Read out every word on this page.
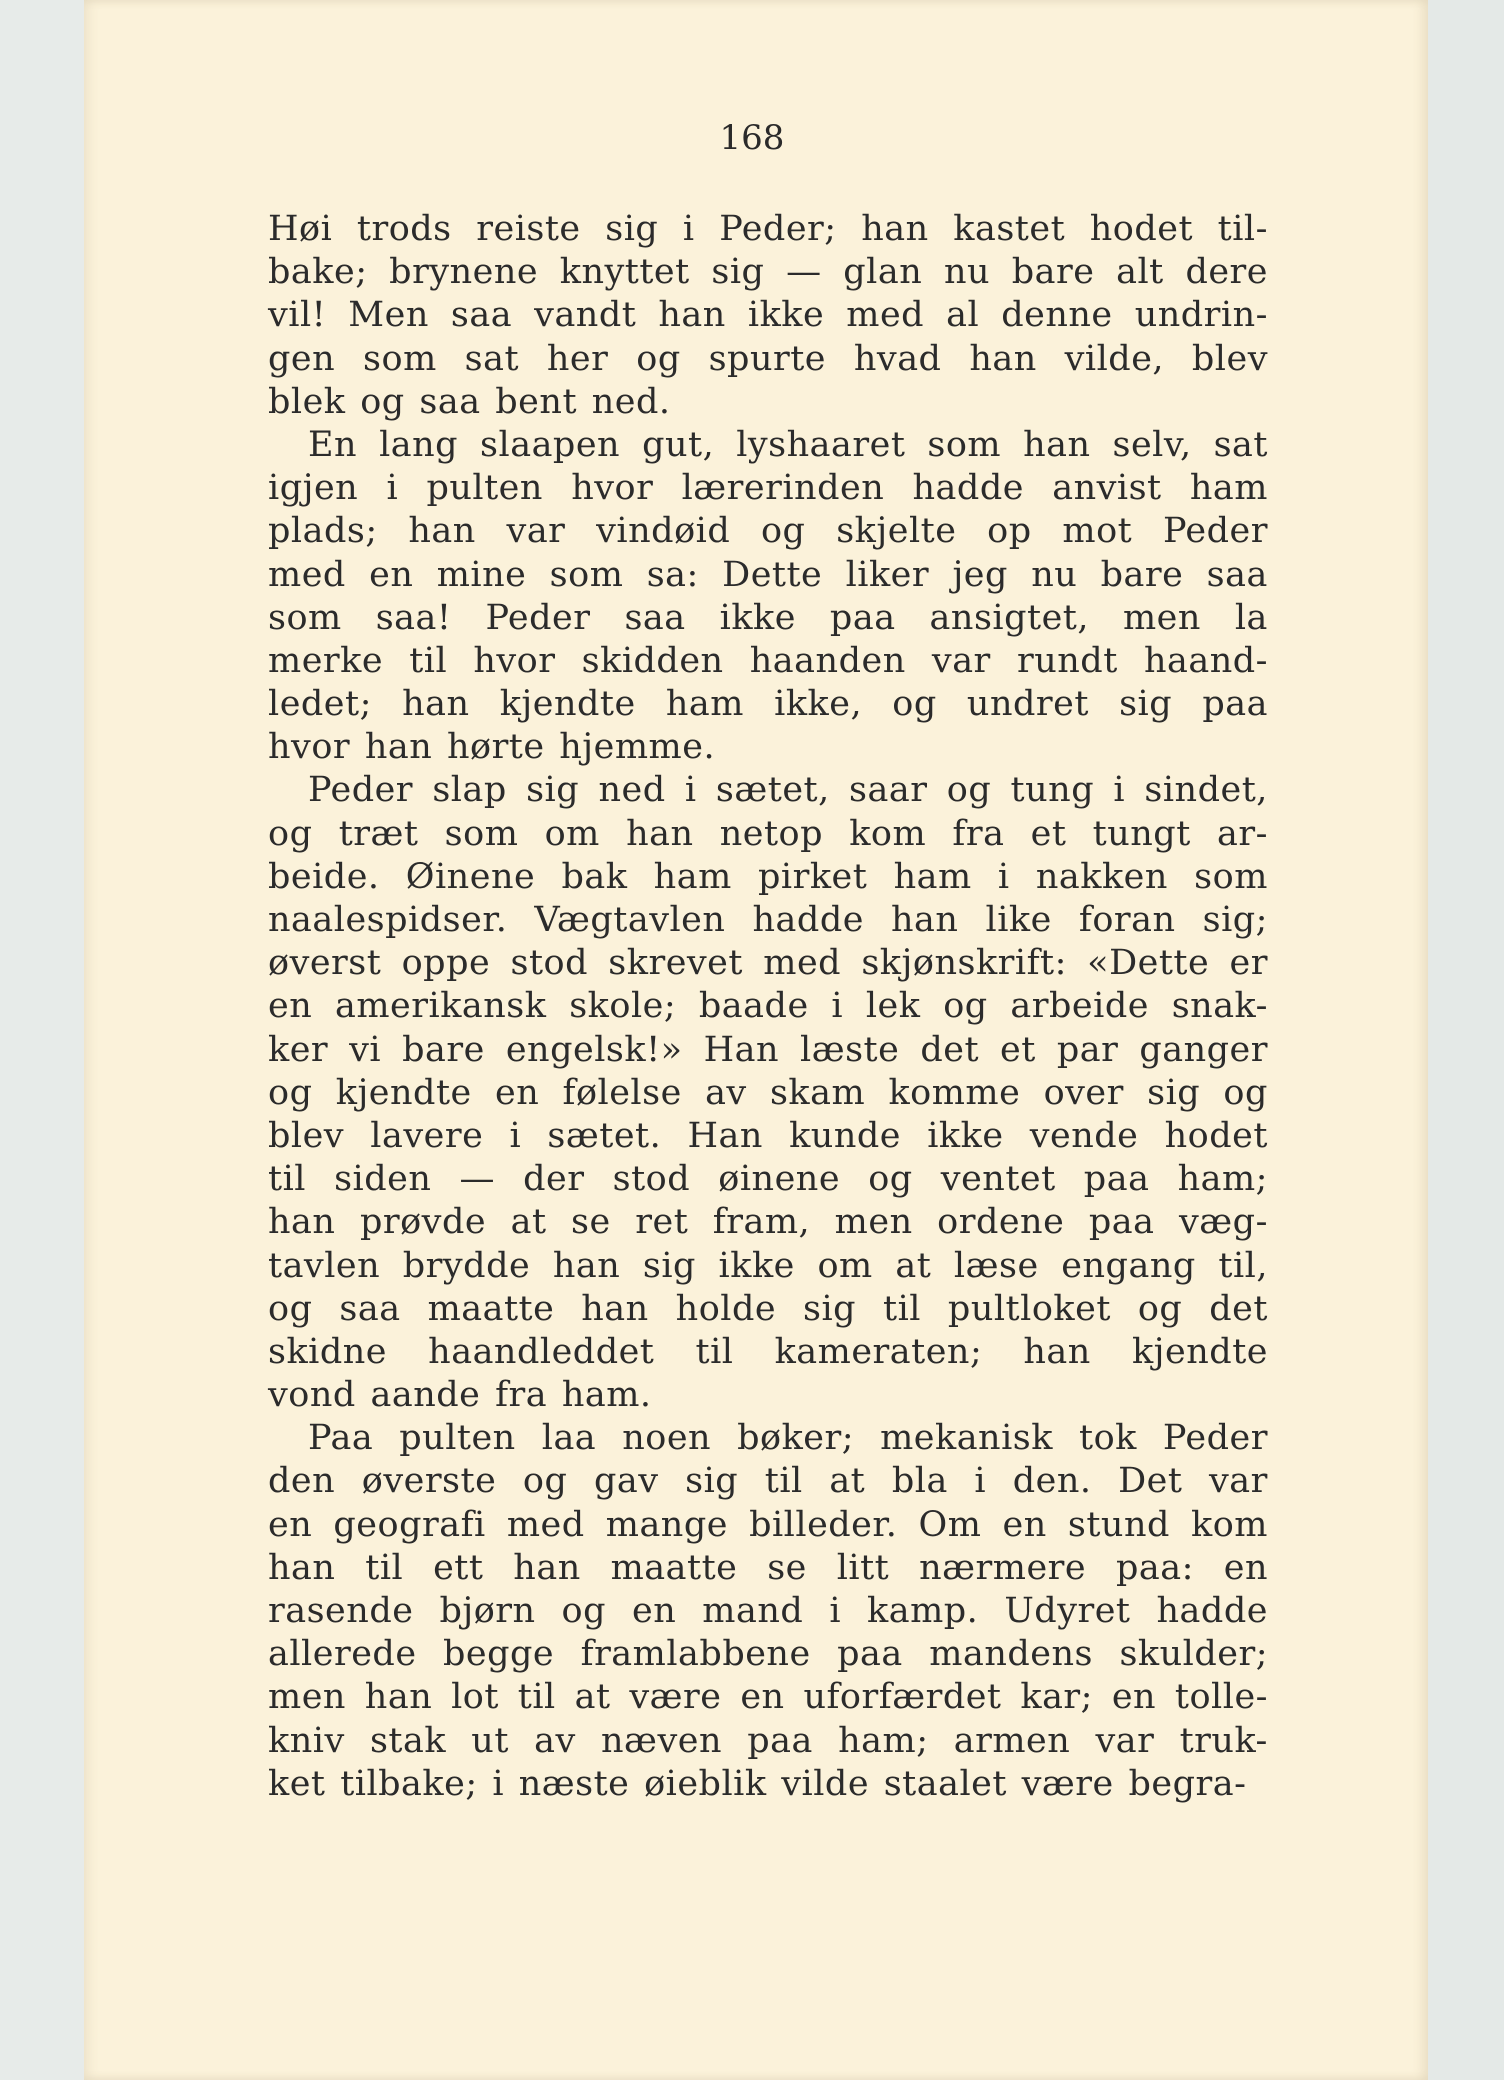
168
Høi trods reiste sig i Peder; han kastet hodet til-
bake; brynene knyttet sig — glan nu bare alt dere
vil! Men saa vandt han ikke med al denne undrin-
gen som sat her og spurte hvad han vilde, blev
blek og saa bent ned.
En lang slaapen gut, lyshaaret som han selv, sat
igjen i pulten hvor lærerinden hadde anvist ham
plads; han var vindøid og skjelte op mot Peder
med en mine som sa: Dette liker jeg nu bare saa
som saa! Peder saa ikke paa ansigtet, men la
merke til hvor skidden haanden var rundt haand-
ledet; han kjendte ham ikke, og undret sig paa
hvor han hørte hjemme.
Peder slap sig ned i sætet, saar og tung i sindet,
og træt som om han netop kom fra et tungt ar-
beide. Øinene bak ham pirket ham i nakken som
naalespidser. Vægtavlen hadde han like foran sig;
øverst oppe stod skrevet med skjønskrift: «Dette er
en amerikansk skole; baade i lek og arbeide snak-
ker vi bare engelsk!» Han læste det et par ganger
og kjendte en følelse av skam komme over sig og
blev lavere i sætet. Han kunde ikke vende hodet
til siden — der stod øinene og ventet paa ham;
han prøvde at se ret fram, men ordene paa væg-
tavlen brydde han sig ikke om at læse engang til,
og saa maatte han holde sig til pultloket og det
skidne haandleddet til kameraten; han kjendte
vond aande fra ham.
Paa pulten laa noen bøker; mekanisk tok Peder
den øverste og gav sig til at bla i den. Det var
en geografi med mange billeder. Om en stund kom
han til ett han maatte se litt nærmere paa: en
rasende bjørn og en mand i kamp. Udyret hadde
allerede begge framlabbene paa mandens skulder;
men han lot til at være en uforfærdet kar; en tolle-
kniv stak ut av næven paa ham; armen var truk-
ket tilbake; i næste øieblik vilde staalet være begra-
